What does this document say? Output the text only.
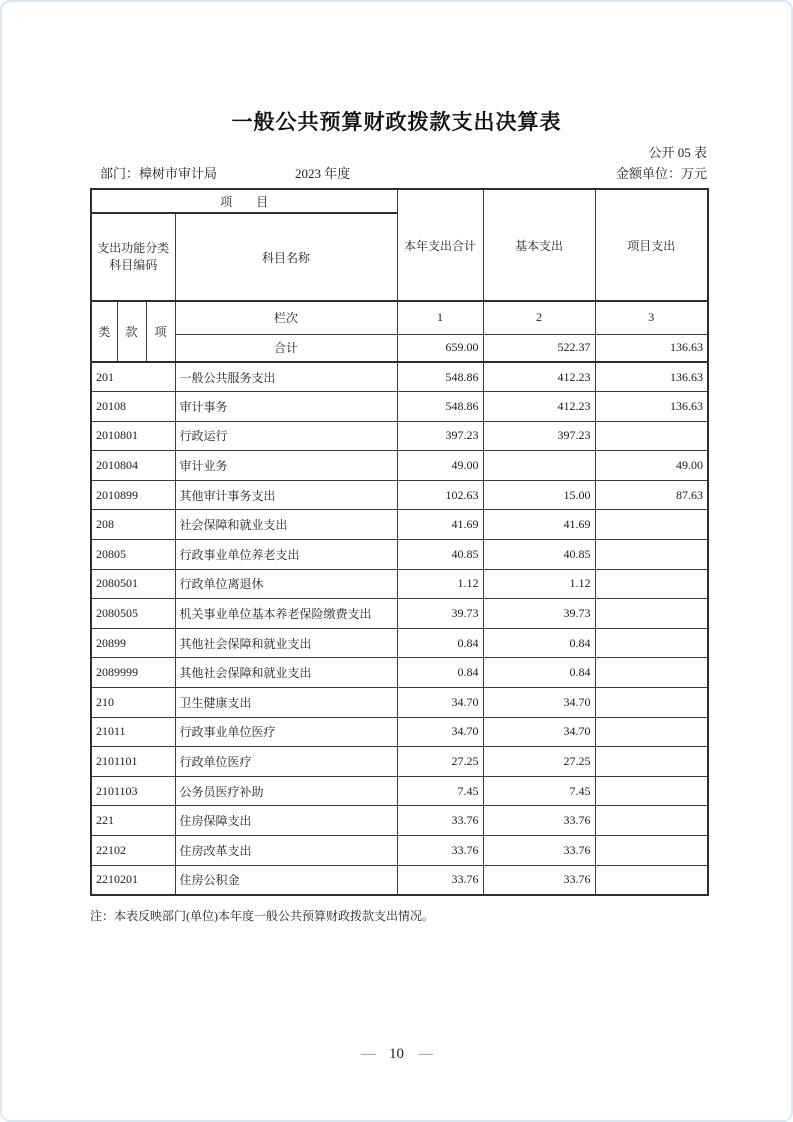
一般公共预算财政拨款支出决算表
公开 05 表
部门：樟树市审计局	2023 年度	金额单位：万元
项　　目				本年支出合计	基本支出	项目支出

支出功能分类
科目编码			科目名称			
类	款	项	栏次	1	2	3
			合计	659.00	522.37	136.63
201			一般公共服务支出	548.86	412.23	136.63
20108			审计事务	548.86	412.23	136.63
2010801			行政运行	397.23	397.23	
2010804			审计业务	49.00		49.00
2010899			其他审计事务支出	102.63	15.00	87.63
208			社会保障和就业支出	41.69	41.69	
20805			行政事业单位养老支出	40.85	40.85	
2080501			行政单位离退休	1.12	1.12	
2080505			机关事业单位基本养老保险缴费支出	39.73	39.73	
20899			其他社会保障和就业支出	0.84	0.84	
2089999			其他社会保障和就业支出	0.84	0.84	
210			卫生健康支出	34.70	34.70	
21011			行政事业单位医疗	34.70	34.70	
2101101			行政单位医疗	27.25	27.25	
2101103			公务员医疗补助	7.45	7.45	
221			住房保障支出	33.76	33.76	
22102			住房改革支出	33.76	33.76	
2210201			住房公积金	33.76	33.76	
注：本表反映部门(单位)本年度一般公共预算财政拨款支出情况。
— 10 —
